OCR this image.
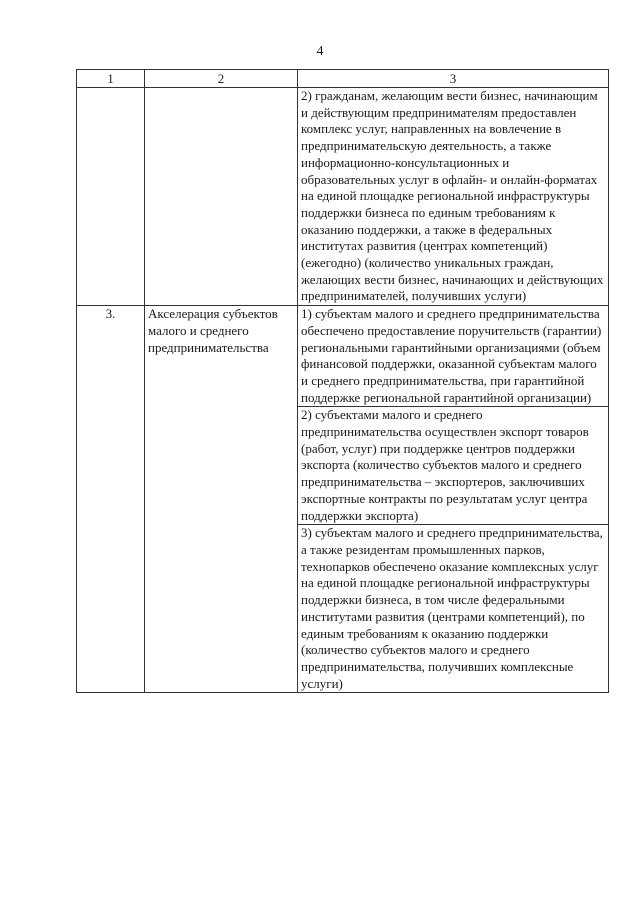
4
1	2	3
		2) гражданам, желающим вести бизнес, начинающим и действующим предпринимателям предоставлен комплекс услуг, направленных на вовлечение в предпринимательскую деятельность, а также информационно-консультационных и образовательных услуг в офлайн- и онлайн-форматах на единой площадке региональной инфраструктуры поддержки бизнеса по единым требованиям к оказанию поддержки, а также в федеральных институтах развития (центрах компетенций) (ежегодно) (количество уникальных граждан, желающих вести бизнес, начинающих и действующих предпринимателей, получивших услуги)
3.	Акселерация субъектов малого и среднего предпринимательства	1) субъектам малого и среднего предпринимательства обеспечено предоставление поручительств (гарантии) региональными гарантийными организациями (объем финансовой поддержки, оказанной субъектам малого и среднего предпринимательства, при гарантийной поддержке региональной гарантийной организации)
		2) субъектами малого и среднего предпринимательства осуществлен экспорт товаров (работ, услуг) при поддержке центров поддержки экспорта (количество субъектов малого и среднего предпринимательства – экспортеров, заключивших экспортные контракты по результатам услуг центра поддержки экспорта)
		3) субъектам малого и среднего предпринимательства, а также резидентам промышленных парков, технопарков обеспечено оказание комплексных услуг на единой площадке региональной инфраструктуры поддержки бизнеса, в том числе федеральными институтами развития (центрами компетенций), по единым требованиям к оказанию поддержки (количество субъектов малого и среднего предпринимательства, получивших комплексные услуги)
